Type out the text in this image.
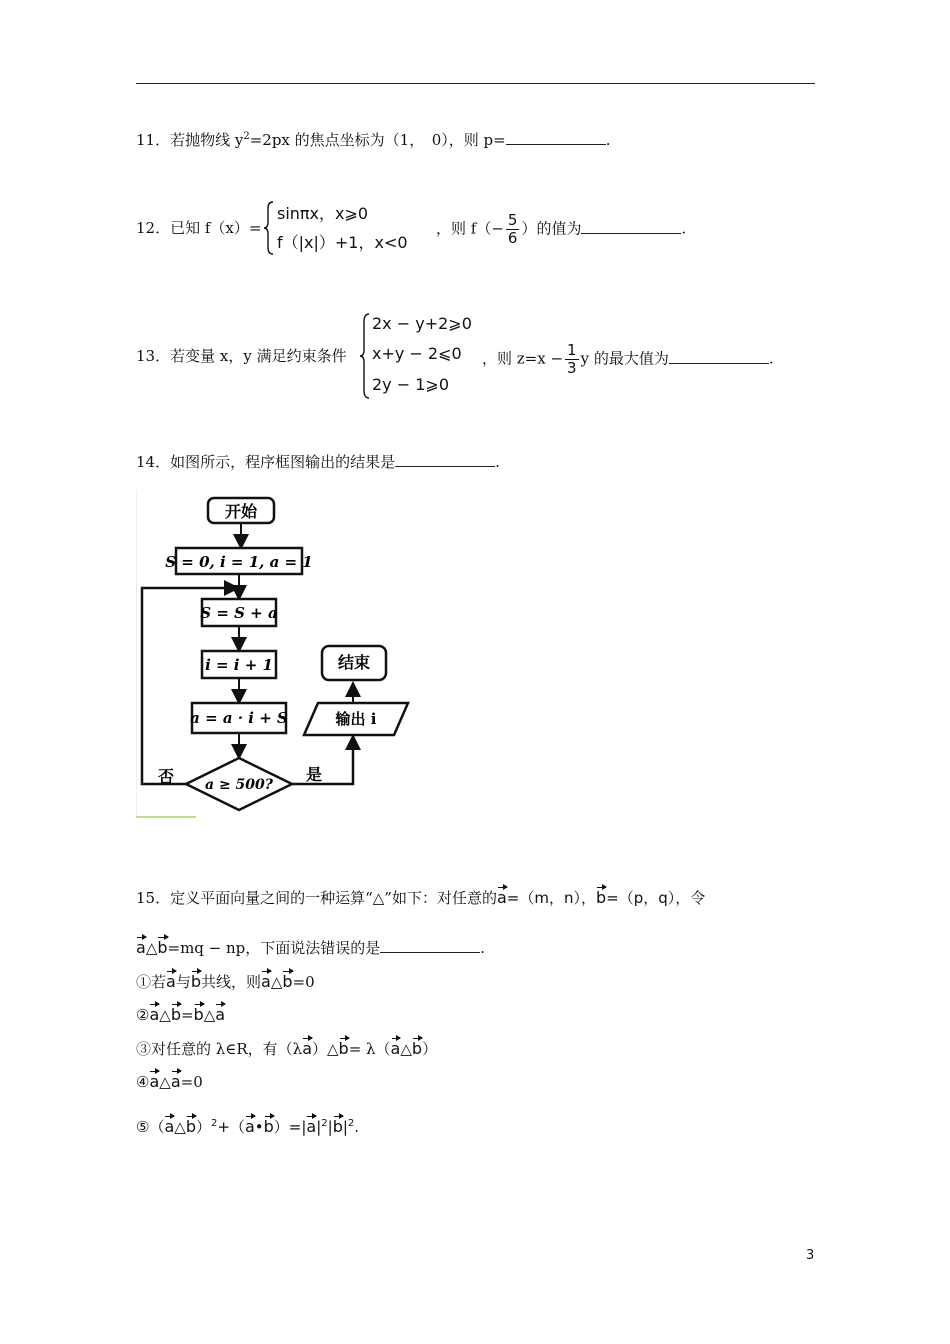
11．若抛物线 $y^2=2px$ 的焦点坐标为（1，　0），则 p=	.
12．已知 f（x）=
sinπx，x⩾0
f（|x|）+1，x<0
，则 $f(- \frac{5}{6}$ ）的值为	.
13．若变量 x，y 满足约束条件
2x − y+2⩾0
x+y − 2⩽0
2y − 1⩾0
，则 $z=x - \frac{1}{3}$ y 的最大值为	.
14．如图所示，程序框图输出的结果是	.
开始
S = 0, i = 1, a = 1
S = S + a
i = i + 1
a = a · i + S
a ≥ 500?
否	是
输出 i
结束
15．定义平面向量之间的一种运算“△”如下：对任意的a=（m，n），b=（p，q），令
a△b=mq − np，下面说法错误的是	.
①若a与b共线，则a△b=0
②a△b=b△a
③对任意的 λ∈R，有（λa）△b= λ（a△b）
④a△a=0
$⑤(a\triangle b)^2+(a•b)=|a|^2|b|^2$.
3
